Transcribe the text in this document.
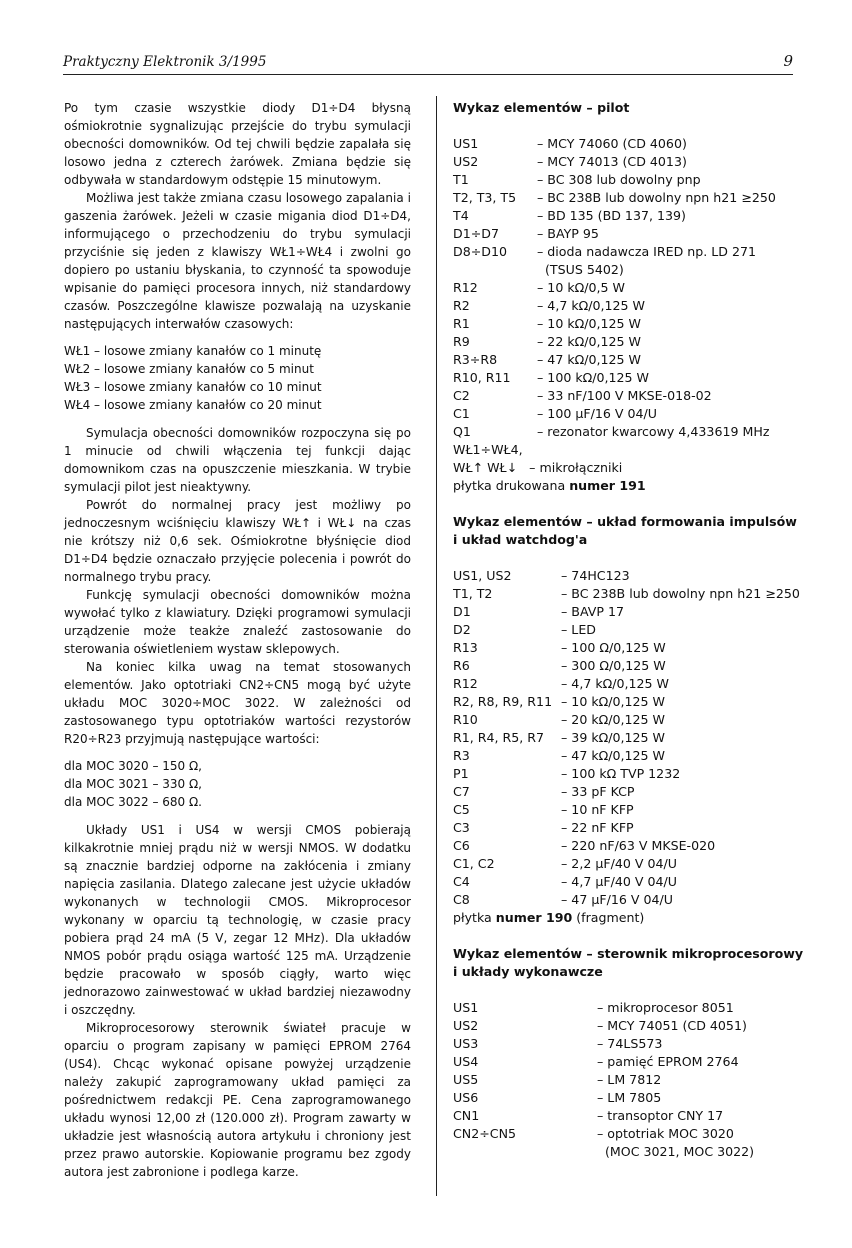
Praktyczny Elektronik 3/1995	9

Po tym czasie wszystkie diody D1÷D4 błysną ośmiokrotnie sygnalizując przejście do trybu symulacji obecności domowników. Od tej chwili będzie zapalała się losowo jedna z czterech żarówek. Zmiana będzie się odbywała w standardowym odstępie 15 minutowym.

Możliwa jest także zmiana czasu losowego zapalania i gaszenia żarówek. Jeżeli w czasie migania diod D1÷D4, informującego o przechodzeniu do trybu symulacji przyciśnie się jeden z klawiszy WŁ1÷WŁ4 i zwolni go dopiero po ustaniu błyskania, to czynność ta spowoduje wpisanie do pamięci procesora innych, niż standardowy czasów. Poszczególne klawisze pozwalają na uzyskanie następujących interwałów czasowych:

WŁ1 – losowe zmiany kanałów co 1 minutę
WŁ2 – losowe zmiany kanałów co 5 minut
WŁ3 – losowe zmiany kanałów co 10 minut
WŁ4 – losowe zmiany kanałów co 20 minut

Symulacja obecności domowników rozpoczyna się po 1 minucie od chwili włączenia tej funkcji dając domownikom czas na opuszczenie mieszkania. W trybie symulacji pilot jest nieaktywny.

Powrót do normalnej pracy jest możliwy po jednoczesnym wciśnięciu klawiszy WŁ↑ i WŁ↓ na czas nie krótszy niż 0,6 sek. Ośmiokrotne błyśnięcie diod D1÷D4 będzie oznaczało przyjęcie polecenia i powrót do normalnego trybu pracy.

Funkcję symulacji obecności domowników można wywołać tylko z klawiatury. Dzięki programowi symulacji urządzenie może teakże znaleźć zastosowanie do sterowania oświetleniem wystaw sklepowych.

Na koniec kilka uwag na temat stosowanych elementów. Jako optotriaki CN2÷CN5 mogą być użyte układu MOC 3020÷MOC 3022. W zależności od zastosowanego typu optotriaków wartości rezystorów R20÷R23 przyjmują następujące wartości:

dla MOC 3020 – 150 Ω,
dla MOC 3021 – 330 Ω,
dla MOC 3022 – 680 Ω.

Układy US1 i US4 w wersji CMOS pobierają kilkakrotnie mniej prądu niż w wersji NMOS. W dodatku są znacznie bardziej odporne na zakłócenia i zmiany napięcia zasilania. Dlatego zalecane jest użycie układów wykonanych w technologii CMOS. Mikroprocesor wykonany w oparciu tą technologię, w czasie pracy pobiera prąd 24 mA (5 V, zegar 12 MHz). Dla układów NMOS pobór prądu osiąga wartość 125 mA. Urządzenie będzie pracowało w sposób ciągły, warto więc jednorazowo zainwestować w układ bardziej niezawodny i oszczędny.

Mikroprocesorowy sterownik świateł pracuje w oparciu o program zapisany w pamięci EPROM 2764 (US4). Chcąc wykonać opisane powyżej urządzenie należy zakupić zaprogramowany układ pamięci za pośrednictwem redakcji PE. Cena zaprogramowanego układu wynosi 12,00 zł (120.000 zł). Program zawarty w układzie jest własnością autora artykułu i chroniony jest przez prawo autorskie. Kopiowanie programu bez zgody autora jest zabronione i podlega karze.

Wykaz elementów – pilot
US1	– MCY 74060 (CD 4060)
US2	– MCY 74013 (CD 4013)
T1	– BC 308 lub dowolny pnp
T2, T3, T5	– BC 238B lub dowolny npn h21 ≥250
T4	– BD 135 (BD 137, 139)
D1÷D7	– BAYP 95
D8÷D10	– dioda nadawcza IRED np. LD 271
(TSUS 5402)
R12	– 10 kΩ/0,5 W
R2	– 4,7 kΩ/0,125 W
R1	– 10 kΩ/0,125 W
R9	– 22 kΩ/0,125 W
R3÷R8	– 47 kΩ/0,125 W
R10, R11	– 100 kΩ/0,125 W
C2	– 33 nF/100 V MKSE-018-02
C1	– 100 μF/16 V 04/U
Q1	– rezonator kwarcowy 4,433619 MHz
WŁ1÷WŁ4,
WŁ↑ WŁ↓   – mikrołączniki
płytka drukowana numer 191
Wykaz elementów – układ formowania impulsów
i układ watchdog'a
US1, US2	– 74HC123
T1, T2	– BC 238B lub dowolny npn h21 ≥250
D1	– BAVP 17
D2	– LED
R13	– 100 Ω/0,125 W
R6	– 300 Ω/0,125 W
R12	– 4,7 kΩ/0,125 W
R2, R8, R9, R11 – 10 kΩ/0,125 W
R10	– 20 kΩ/0,125 W
R1, R4, R5, R7	– 39 kΩ/0,125 W
R3	– 47 kΩ/0,125 W
P1	– 100 kΩ TVP 1232
C7	– 33 pF KCP
C5	– 10 nF KFP
C3	– 22 nF KFP
C6	– 220 nF/63 V MKSE-020
C1, C2	– 2,2 μF/40 V 04/U
C4	– 4,7 μF/40 V 04/U
C8	– 47 μF/16 V 04/U
płytka numer 190 (fragment)
Wykaz elementów – sterownik mikroprocesorowy
i układy wykonawcze
US1	– mikroprocesor 8051
US2	– MCY 74051 (CD 4051)
US3	– 74LS573
US4	– pamięć EPROM 2764
US5	– LM 7812
US6	– LM 7805
CN1	– transoptor CNY 17
CN2÷CN5	– optotriak MOC 3020
(MOC 3021, MOC 3022)
